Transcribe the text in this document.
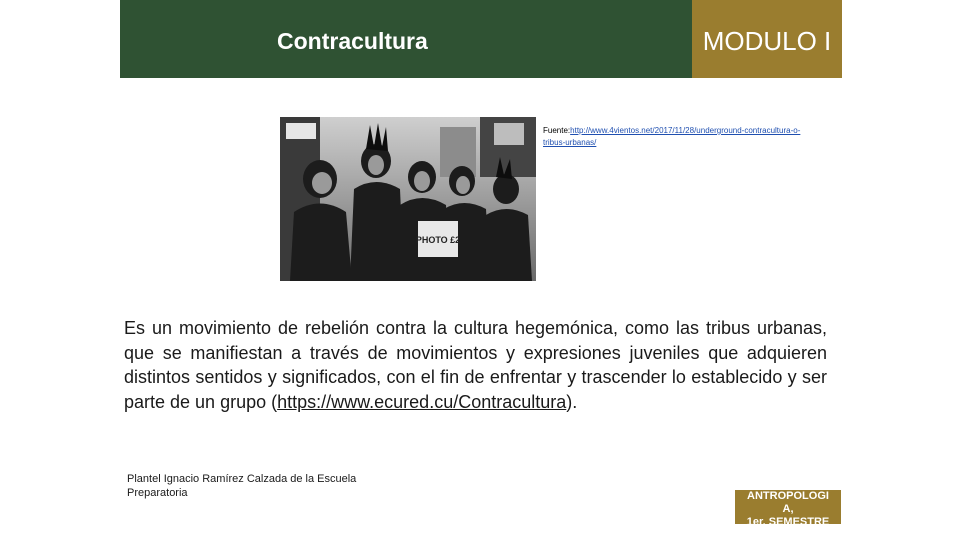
Contracultura	MODULO I
PHOTO £2
Fuente:http://www.4vientos.net/2017/11/28/underground-contracultura-o-tribus-urbanas/
Es un movimiento de rebelión contra la cultura hegemónica, como las tribus urbanas, que se manifiestan a través de movimientos y expresiones juveniles que adquieren distintos sentidos y significados, con el fin de enfrentar y trascender lo establecido y ser parte de un grupo (https://www.ecured.cu/Contracultura).
Plantel Ignacio Ramírez Calzada de la Escuela Preparatoria	ANTROPOLOGI
A,
1er. SEMESTRE
